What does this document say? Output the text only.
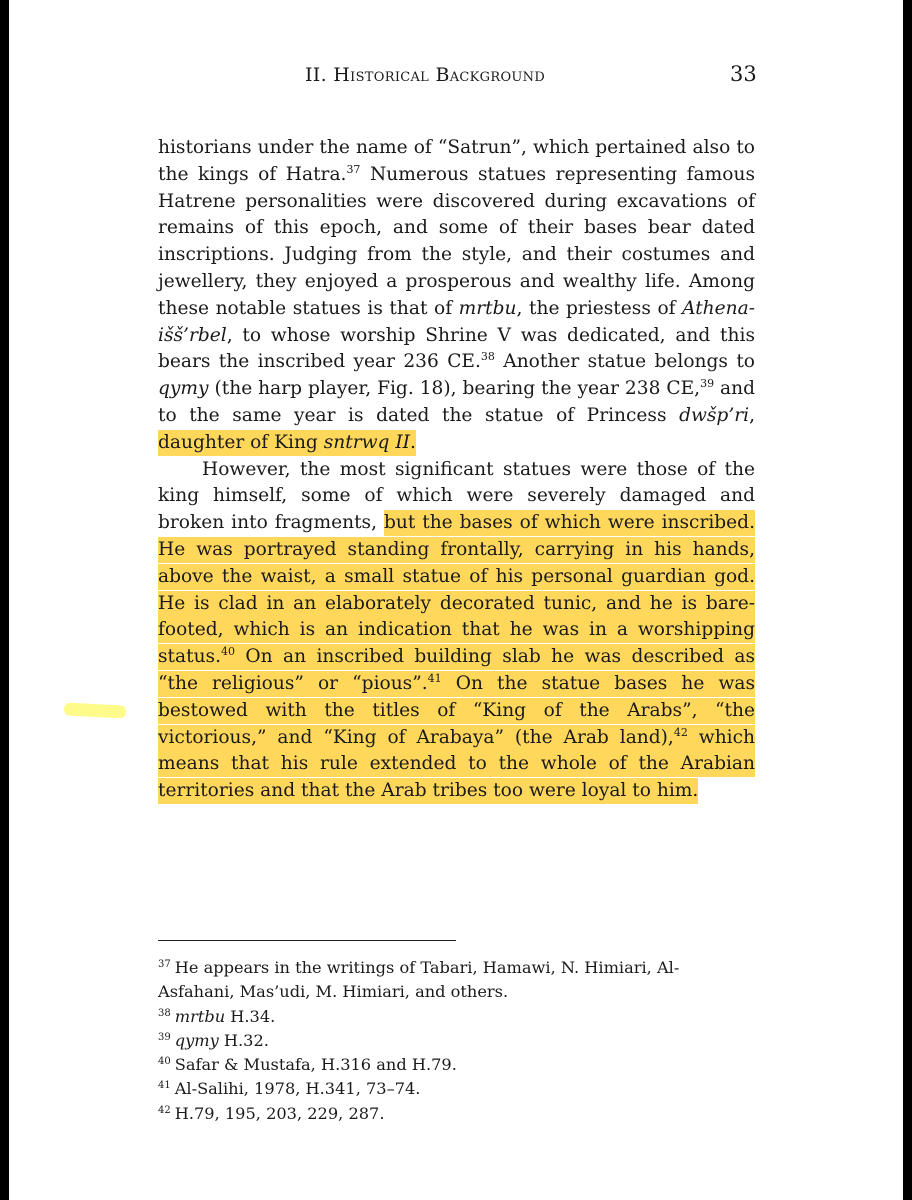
II. Historical Background	33

historians under the name of “Satrun”, which pertained also to the kings of Hatra.$^{37}$ Numerous statues representing famous Hatrene personalities were discovered during excavations of remains of this epoch, and some of their bases bear dated inscriptions. Judging from the style, and their costumes and jewellery, they enjoyed a prosperous and wealthy life. Among these notable statues is that of mrtbu, the priestess of Athena-išš’rbel, to whose worship Shrine V was dedicated, and this bears the inscribed year 236 CE.$^{38}$ Another statue belongs to qymy (the harp player, Fig. 18), bearing the year 238 CE,$^{39}$ and to the same year is dated the statue of Princess dwšp’ri, daughter of King sntrwq II.

However, the most significant statues were those of the king himself, some of which were severely damaged and broken into fragments, but the bases of which were inscribed. He was portrayed standing frontally, carrying in his hands, above the waist, a small statue of his personal guardian god. He is clad in an elaborately decorated tunic, and he is bare-footed, which is an indication that he was in a worshipping status.$^{40}$ On an inscribed building slab he was described as “the religious” or “pious”.$^{41}$ On the statue bases he was bestowed with the titles of “King of the Arabs”, “the victorious,” and “King of Arabaya” (the Arab land),$^{42}$ which means that his rule extended to the whole of the Arabian territories and that the Arab tribes too were loyal to him.

$^{37}$ He appears in the writings of Tabari, Hamawi, N. Himiari, Al-Asfahani, Mas’udi, M. Himiari, and others.
$^{38}$ mrtbu H.34.
$^{39}$ qymy H.32.
$^{40}$ Safar & Mustafa, H.316 and H.79.
$^{41}$ Al-Salihi, 1978, H.341, 73–74.
$^{42}$ H.79, 195, 203, 229, 287.
